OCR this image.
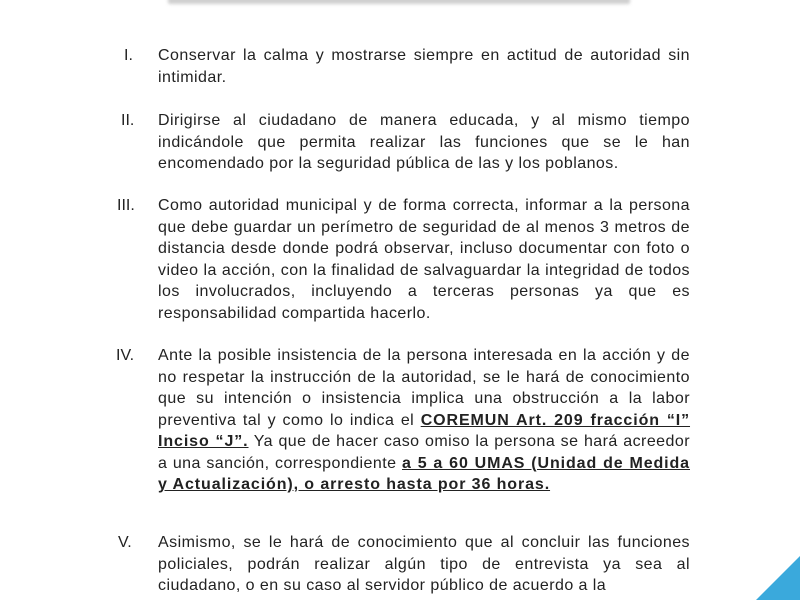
I. Conservar la calma y mostrarse siempre en actitud de autoridad sin intimidar.

II. Dirigirse al ciudadano de manera educada, y al mismo tiempo indicándole que permita realizar las funciones que se le han encomendado por la seguridad pública de las y los poblanos.

III. Como autoridad municipal y de forma correcta, informar a la persona que debe guardar un perímetro de seguridad de al menos 3 metros de distancia desde donde podrá observar, incluso documentar con foto o video la acción, con la finalidad de salvaguardar la integridad de todos los involucrados, incluyendo a terceras personas ya que es responsabilidad compartida hacerlo.

IV. Ante la posible insistencia de la persona interesada en la acción y de no respetar la instrucción de la autoridad, se le hará de conocimiento que su intención o insistencia implica una obstrucción a la labor preventiva tal y como lo indica el COREMUN Art. 209 fracción “I” Inciso “J”. Ya que de hacer caso omiso la persona se hará acreedor a una sanción, correspondiente a 5 a 60 UMAS (Unidad de Medida y Actualización), o arresto hasta por 36 horas.

V. Asimismo, se le hará de conocimiento que al concluir las funciones policiales, podrán realizar algún tipo de entrevista ya sea al ciudadano, o en su caso al servidor público de acuerdo a la
